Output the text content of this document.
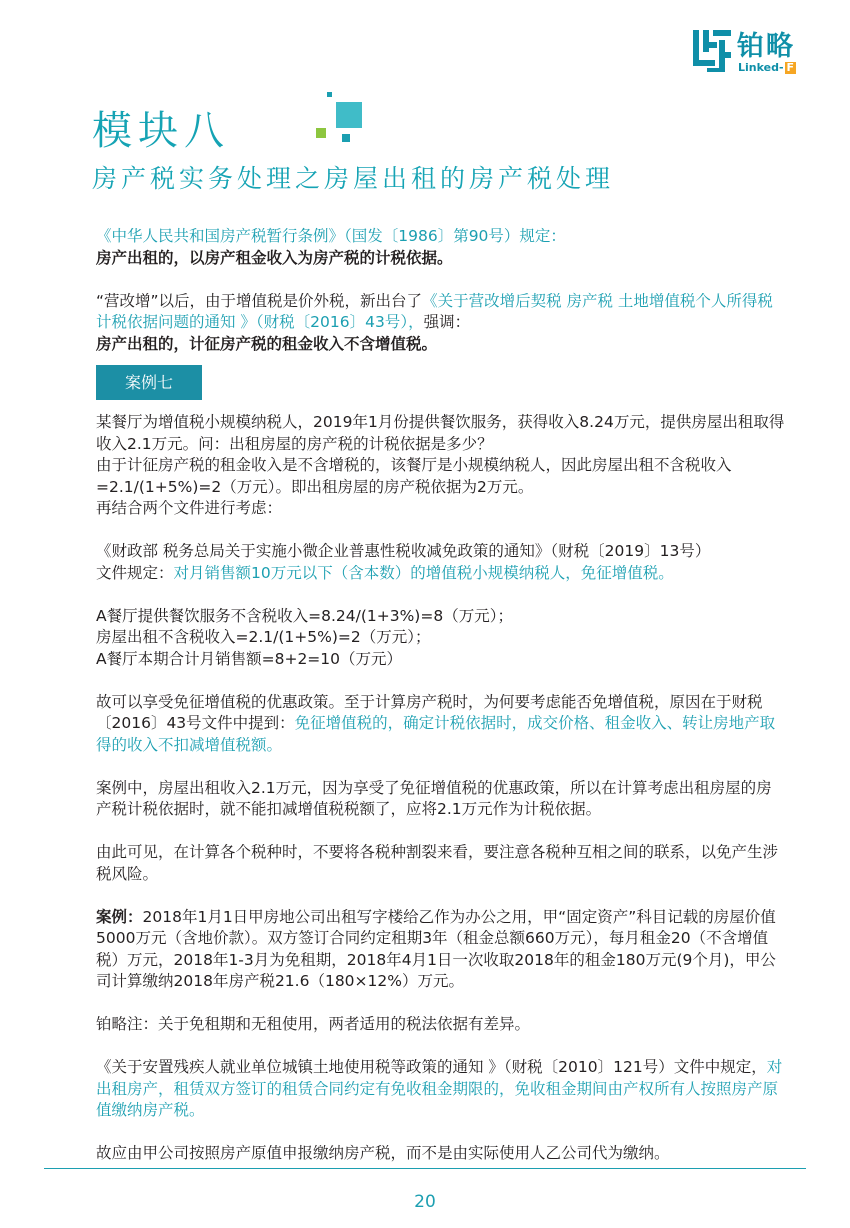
铂略
Linked- F
模块八
房产税实务处理之房屋出租的房产税处理

《中华人民共和国房产税暂行条例》（国发〔1986〕第90号）规定：

房产出租的，以房产租金收入为房产税的计税依据。

“营改增”以后，由于增值税是价外税，新出台了《关于营改增后契税 房产税 土地增值税个人所得税计税依据问题的通知 》（财税〔2016〕43号），强调：

房产出租的，计征房产税的租金收入不含增值税。

案例七

某餐厅为增值税小规模纳税人，2019年1月份提供餐饮服务，获得收入8.24万元，提供房屋出租取得收入2.1万元。问：出租房屋的房产税的计税依据是多少？

由于计征房产税的租金收入是不含增税的，该餐厅是小规模纳税人，因此房屋出租不含税收入=2.1/(1+5%)=2（万元）。即出租房屋的房产税依据为2万元。

再结合两个文件进行考虑：

《财政部 税务总局关于实施小微企业普惠性税收减免政策的通知》（财税〔2019〕13号）

文件规定：对月销售额10万元以下（含本数）的增值税小规模纳税人，免征增值税。

A餐厅提供餐饮服务不含税收入=8.24/(1+3%)=8（万元）；

房屋出租不含税收入=2.1/(1+5%)=2（万元）；

A餐厅本期合计月销售额=8+2=10（万元）

故可以享受免征增值税的优惠政策。至于计算房产税时，为何要考虑能否免增值税，原因在于财税〔2016〕43号文件中提到：免征增值税的，确定计税依据时，成交价格、租金收入、转让房地产取得的收入不扣减增值税额。

案例中，房屋出租收入2.1万元，因为享受了免征增值税的优惠政策，所以在计算考虑出租房屋的房产税计税依据时，就不能扣减增值税税额了，应将2.1万元作为计税依据。

由此可见，在计算各个税种时，不要将各税种割裂来看，要注意各税种互相之间的联系，以免产生涉税风险。

案例：2018年1月1日甲房地公司出租写字楼给乙作为办公之用，甲“固定资产”科目记载的房屋价值5000万元（含地价款）。双方签订合同约定租期3年（租金总额660万元），每月租金20（不含增值税）万元，2018年1-3月为免租期，2018年4月1日一次收取2018年的租金180万元(9个月)，甲公司计算缴纳2018年房产税21.6（180×12%）万元。

铂略注：关于免租期和无租使用，两者适用的税法依据有差异。

《关于安置残疾人就业单位城镇土地使用税等政策的通知 》（财税〔2010〕121号）文件中规定，对出租房产，租赁双方签订的租赁合同约定有免收租金期限的，免收租金期间由产权所有人按照房产原值缴纳房产税。

故应由甲公司按照房产原值申报缴纳房产税，而不是由实际使用人乙公司代为缴纳。

20
